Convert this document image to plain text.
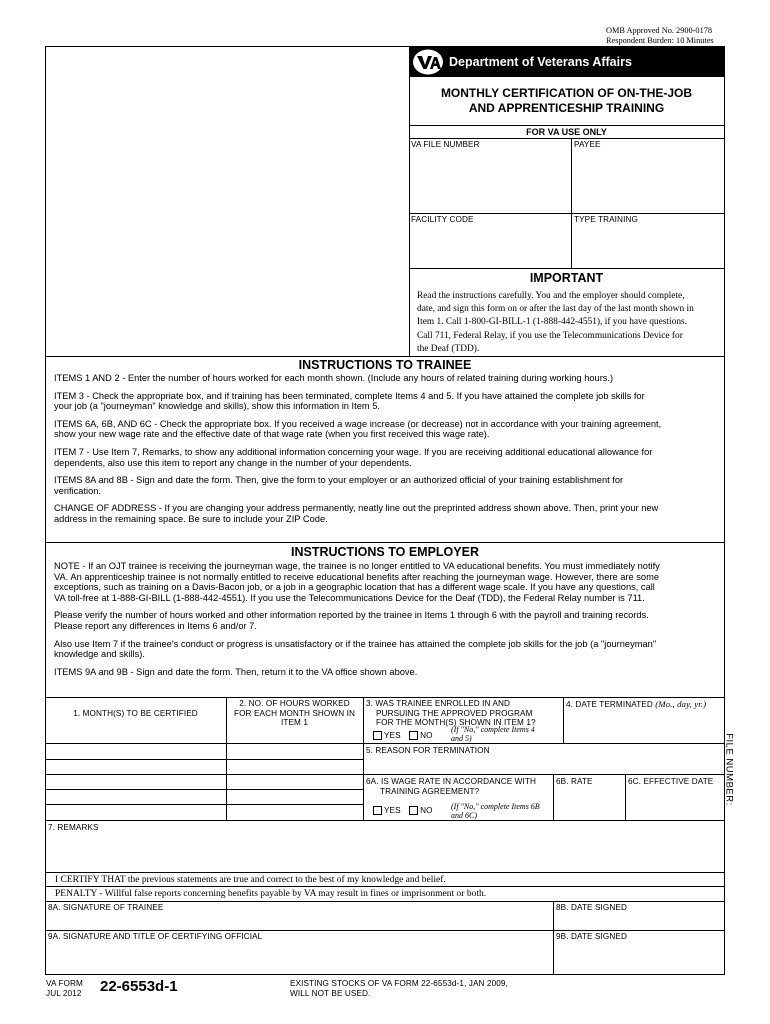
OMB Approved No. 2900-0178
Respondent Burden: 10 Minutes
Department of Veterans Affairs
MONTHLY CERTIFICATION OF ON-THE-JOB
AND APPRENTICESHIP TRAINING
FOR VA USE ONLY
VA FILE NUMBER	PAYEE
FACILITY CODE	TYPE TRAINING
IMPORTANT
Read the instructions carefully. You and the employer should complete,
date, and sign this form on or after the last day of the last month shown in
Item 1. Call 1-800-GI-BILL-1 (1-888-442-4551), if you have questions.
Call 711, Federal Relay, if you use the Telecommunications Device for
the Deaf (TDD).
INSTRUCTIONS TO TRAINEE
ITEMS 1 AND 2 - Enter the number of hours worked for each month shown. (Include any hours of related training during working hours.)
ITEM 3 - Check the appropriate box, and if training has been terminated, complete Items 4 and 5. If you have attained the complete job skills for
your job (a "journeyman" knowledge and skills), show this information in Item 5.
ITEMS 6A, 6B, AND 6C - Check the appropriate box. If you received a wage increase (or decrease) not in accordance with your training agreement,
show your new wage rate and the effective date of that wage rate (when you first received this wage rate).
ITEM 7 - Use Item 7, Remarks, to show any additional information concerning your wage. If you are receiving additional educational allowance for
dependents, also use this item to report any change in the number of your dependents.
ITEMS 8A and 8B - Sign and date the form. Then, give the form to your employer or an authorized official of your training establishment for
verification.
CHANGE OF ADDRESS - If you are changing your address permanently, neatly line out the preprinted address shown above. Then, print your new
address in the remaining space. Be sure to include your ZIP Code.
INSTRUCTIONS TO EMPLOYER
NOTE - If an OJT trainee is receiving the journeyman wage, the trainee is no longer entitled to VA educational benefits. You must immediately notify
VA. An apprenticeship trainee is not normally entitled to receive educational benefits after reaching the journeyman wage. However, there are some
exceptions, such as training on a Davis-Bacon job, or a job in a geographic location that has a different wage scale. If you have any questions, call
VA toll-free at 1-888-GI-BILL (1-888-442-4551). If you use the Telecommunications Device for the Deaf (TDD), the Federal Relay number is 711.
Please verify the number of hours worked and other information reported by the trainee in Items 1 through 6 with the payroll and training records.
Please report any differences in Items 6 and/or 7.
Also use Item 7 if the trainee's conduct or progress is unsatisfactory or if the trainee has attained the complete job skills for the job (a "journeyman"
knowledge and skills).
ITEMS 9A and 9B - Sign and date the form. Then, return it to the VA office shown above.
1. MONTH(S) TO BE CERTIFIED
2. NO. OF HOURS WORKED
FOR EACH MONTH SHOWN IN
ITEM 1
3. WAS TRAINEE ENROLLED IN AND
PURSUING THE APPROVED PROGRAM
FOR THE MONTH(S) SHOWN IN ITEM 1?
YES NO
(If "No," complete Items 4
and 5)
4. DATE TERMINATED (Mo., day, yr.)
5. REASON FOR TERMINATION
6A. IS WAGE RATE IN ACCORDANCE WITH
TRAINING AGREEMENT?
YES NO (If "No," complete Items 6B
and 6C)
6B. RATE	6C. EFFECTIVE DATE FILE NUMBER:
7. REMARKS
I CERTIFY THAT the previous statements are true and correct to the best of my knowledge and belief.
PENALTY - Willful false reports concerning benefits payable by VA may result in fines or imprisonment or both.
8A. SIGNATURE OF TRAINEE	8B. DATE SIGNED
9A. SIGNATURE AND TITLE OF CERTIFYING OFFICIAL	9B. DATE SIGNED
VA FORM
JUL 2012 22-6553d-1	EXISTING STOCKS OF VA FORM 22-6553d-1, JAN 2009,
WILL NOT BE USED.
